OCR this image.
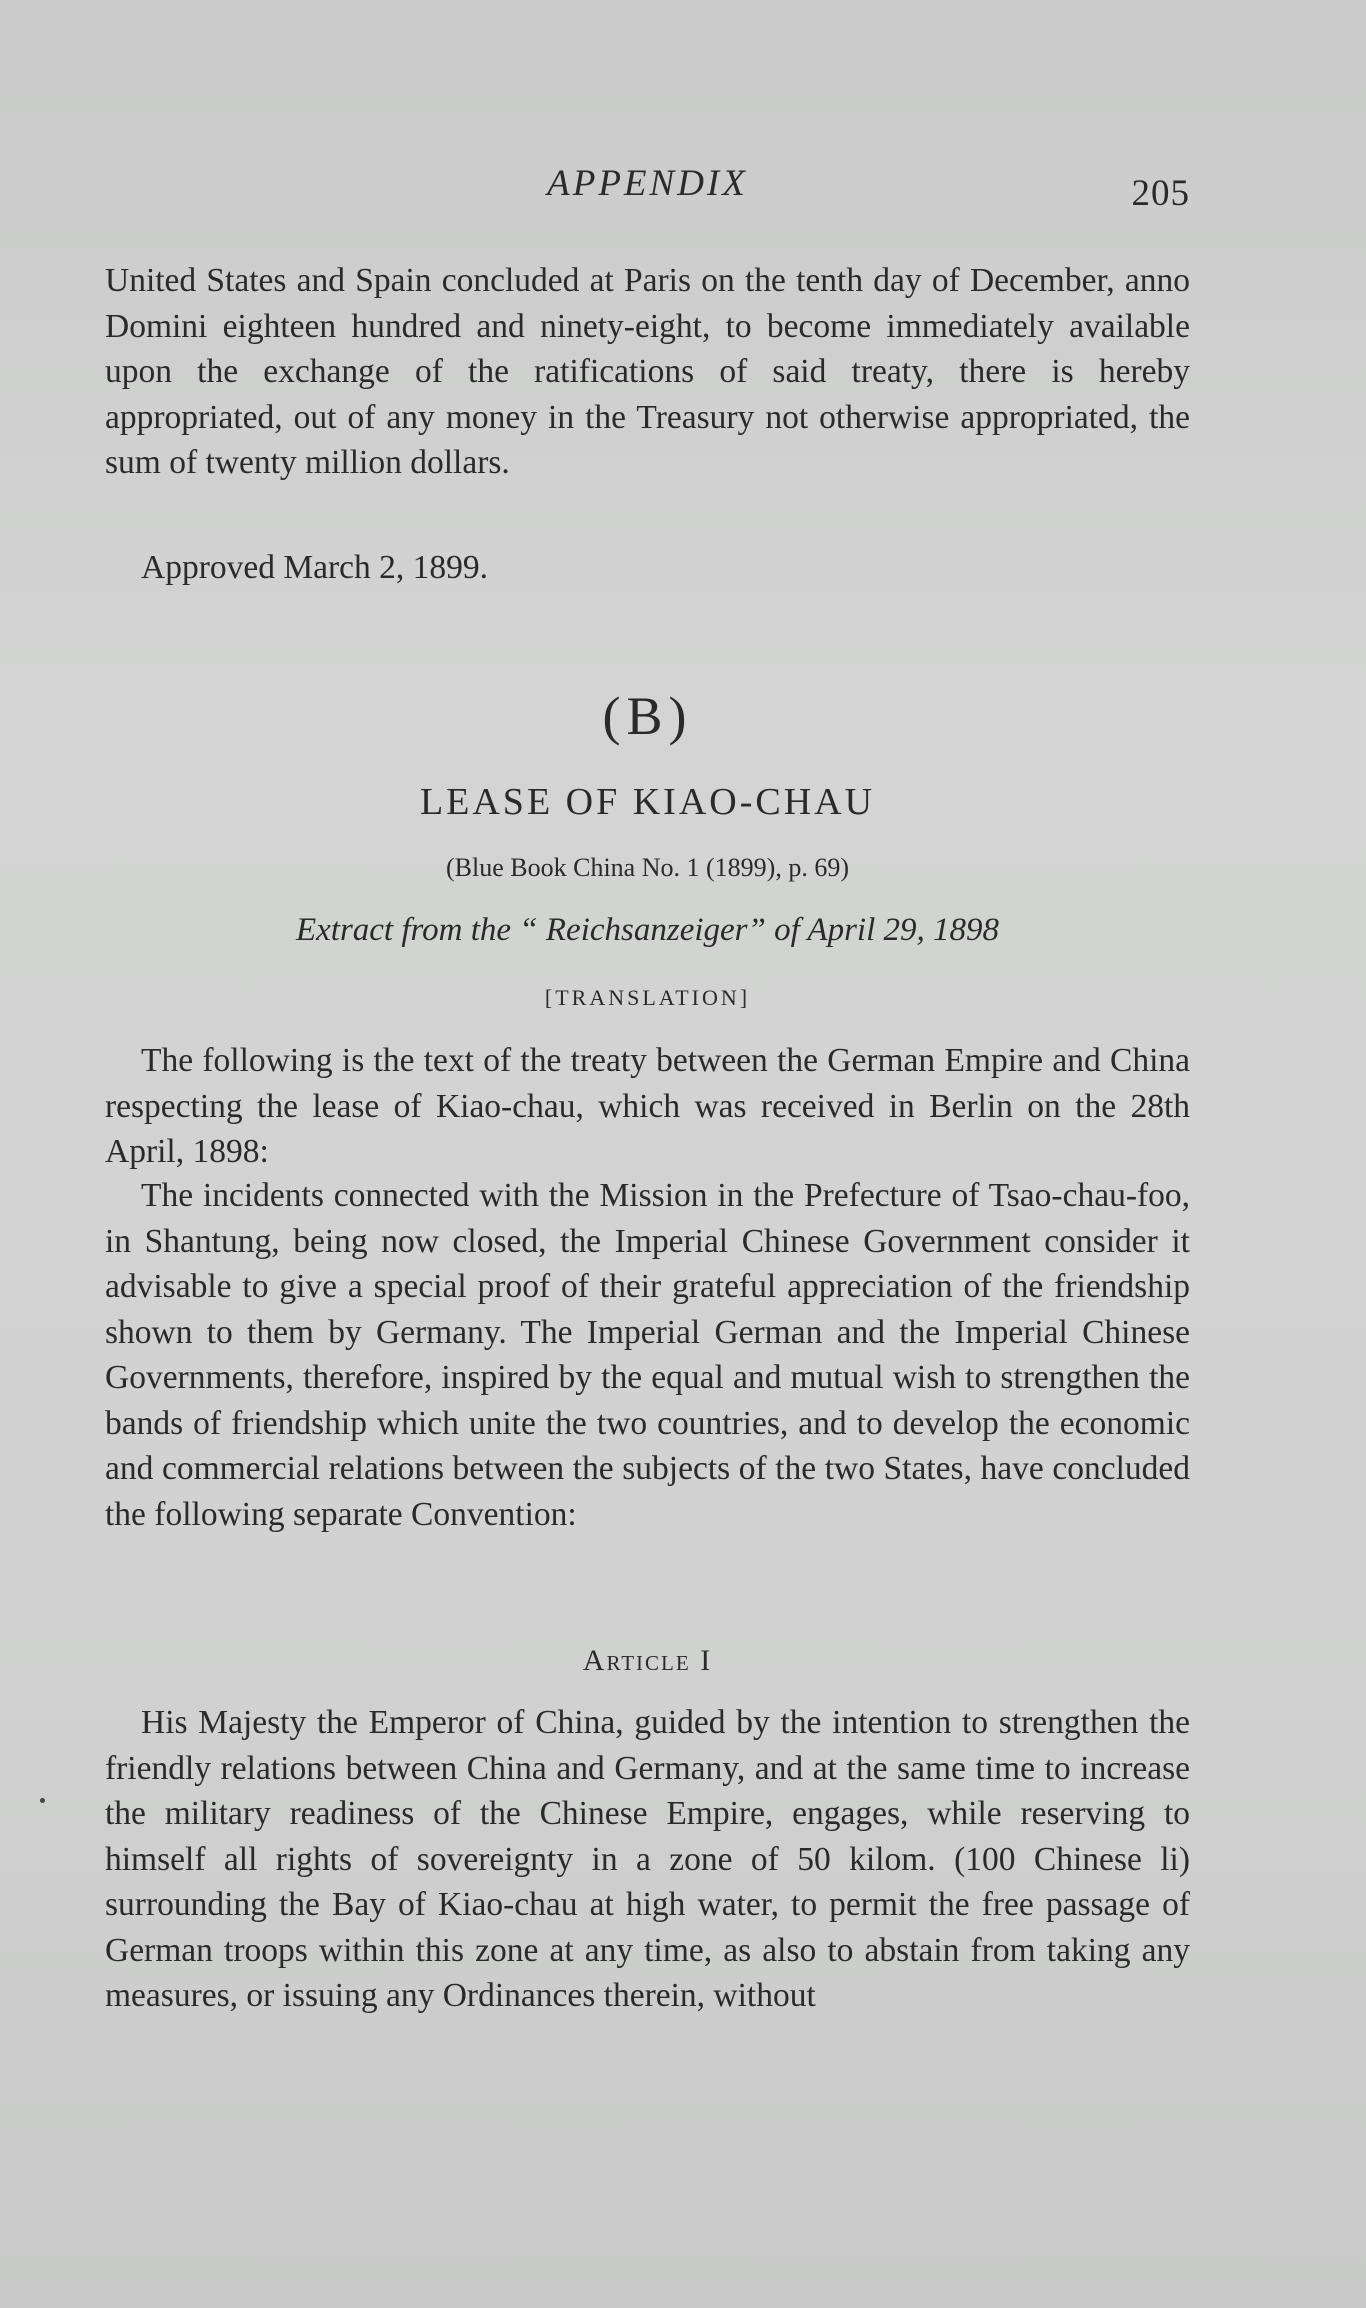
APPENDIX	205

United States and Spain concluded at Paris on the tenth day of December, anno Domini eighteen hundred and ninety-eight, to become immediately available upon the exchange of the ratifications of said treaty, there is hereby appropriated, out of any money in the Treasury not otherwise appropriated, the sum of twenty million dollars.

Approved March 2, 1899.

(B)

LEASE OF KIAO-CHAU

(Blue Book China No. 1 (1899), p. 69)

Extract from the “ Reichsanzeiger” of April 29, 1898

[TRANSLATION]

The following is the text of the treaty between the German Empire and China respecting the lease of Kiao-chau, which was received in Berlin on the 28th April, 1898:

The incidents connected with the Mission in the Prefecture of Tsao-chau-foo, in Shantung, being now closed, the Imperial Chinese Government consider it advisable to give a special proof of their grateful appreciation of the friendship shown to them by Germany. The Imperial German and the Imperial Chinese Governments, therefore, inspired by the equal and mutual wish to strengthen the bands of friendship which unite the two countries, and to develop the economic and commercial relations between the subjects of the two States, have concluded the following separate Convention:

Article I

His Majesty the Emperor of China, guided by the intention to strengthen the friendly relations between China and Germany, and at the same time to increase the military readiness of the Chinese Empire, engages, while reserving to himself all rights of sovereignty in a zone of 50 kilom. (100 Chinese li) surrounding the Bay of Kiao-chau at high water, to permit the free passage of German troops within this zone at any time, as also to abstain from taking any measures, or issuing any Ordinances therein, without
